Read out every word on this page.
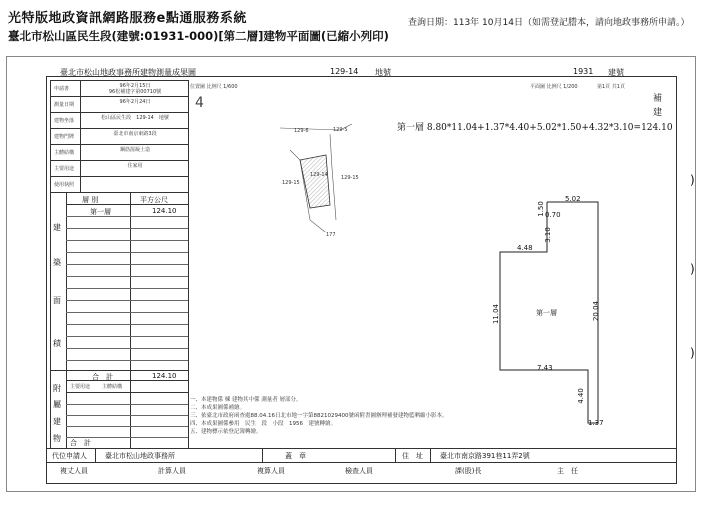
光特版地政資訊網路服務e點通服務系統
臺北市松山區民生段(建號:01931-000)[第二層]建物平面圖(已縮小列印)
查詢日期：113年 10月14日（如需登記謄本，請向地政事務所申請。）
臺北市松山地政事務所建物測量成果圖	129-14 地號	1931 建號
位置圖 比例尺 1/600	平面圖 比例尺 1/200	第1頁 共1頁
4	補建
申請書	96年2月15日
96松補建字第00710號
測量日期	96年2月24日
建物坐落	松山區民生段　129-14　地號
建物門牌	臺北市南京東路3段
主體結構	鋼筋混凝土造
主要用途	住家用
使用執照
層 別	平方公尺
第一層	124.10
合　計	124.10
主要用途 主體結構
合　計
建
築
面
積
附
屬
建
物
129-6	129-5
129-14
129-15
129-15
177
第一層 8.80*11.04+1.37*4.40+5.02*1.50+4.32*3.10=124.10
5.02
1.50 0.70
3.10
4.48
11.04	20.04
第一層
7.43
4.40
1.37
)
)
)
一、本建物係 棟 建物其中係 測量者 層部分。
二、本成果圖係補繪。
三、依臺北市政府函查處88.04.16日北市地一字第8821029400號函附書圖辦理補發建物藍晒縮小影本。
四、本成果圖係參用　民生　段　小段　1956　建號轉繪。
五、建物標示依登記簿轉繪。
代位申請人	臺北市松山地政事務所	蓋　章	住　址 臺北市南京路391巷11弄2號
複丈人員	計算人員	複算人員	檢查人員	課(股)長	主　任
